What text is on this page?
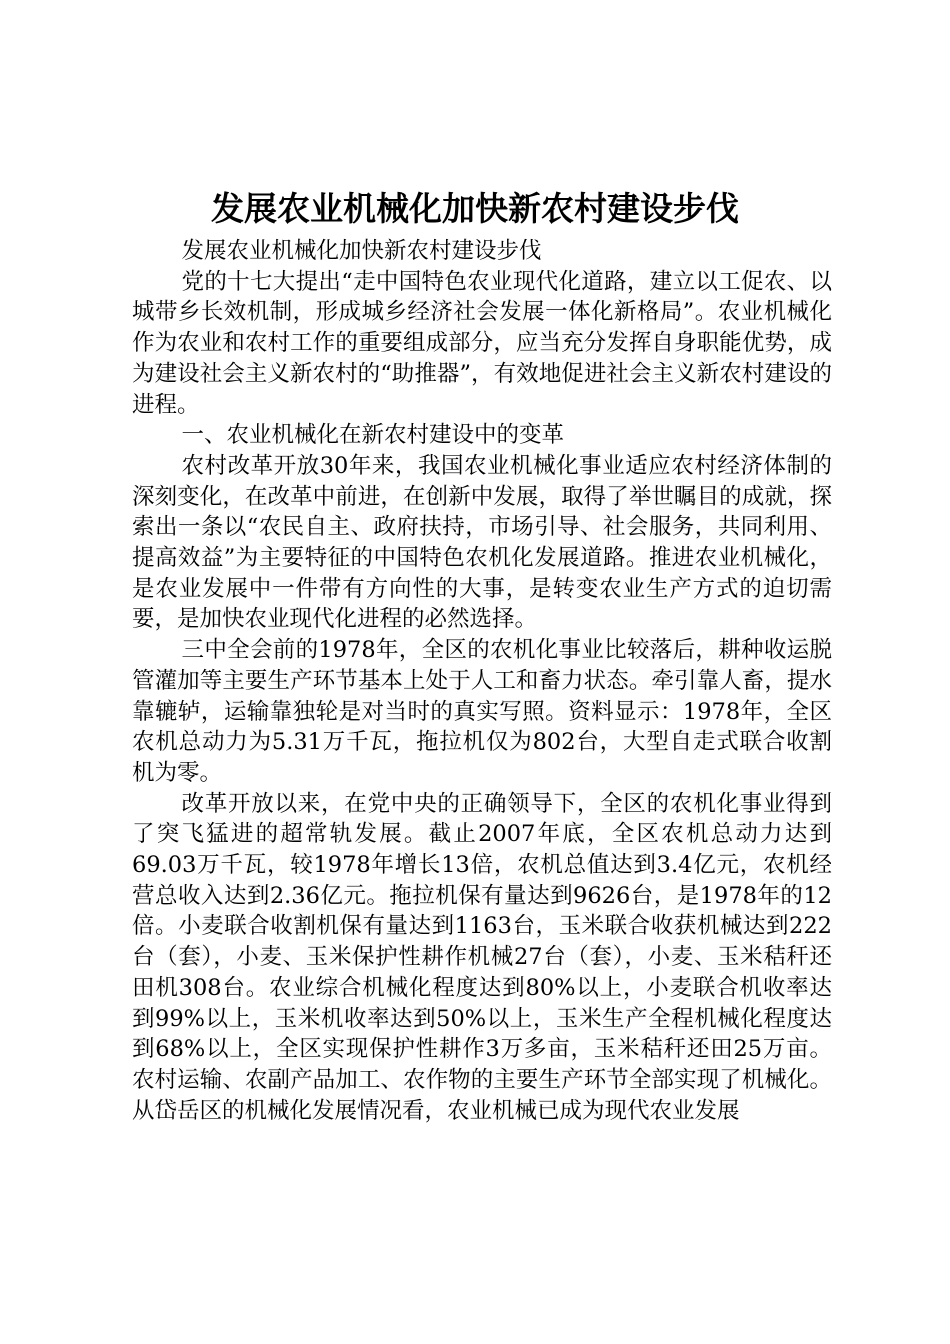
发展农业机械化加快新农村建设步伐

发展农业机械化加快新农村建设步伐

党的十七大提出“走中国特色农业现代化道路，建立以工促农、以城带乡长效机制，形成城乡经济社会发展一体化新格局”。农业机械化作为农业和农村工作的重要组成部分，应当充分发挥自身职能优势，成为建设社会主义新农村的“助推器”，有效地促进社会主义新农村建设的进程。

一、农业机械化在新农村建设中的变革

农村改革开放30年来，我国农业机械化事业适应农村经济体制的深刻变化，在改革中前进，在创新中发展，取得了举世瞩目的成就，探索出一条以“农民自主、政府扶持，市场引导、社会服务，共同利用、提高效益”为主要特征的中国特色农机化发展道路。推进农业机械化，是农业发展中一件带有方向性的大事，是转变农业生产方式的迫切需要，是加快农业现代化进程的必然选择。

三中全会前的1978年，全区的农机化事业比较落后，耕种收运脱管灌加等主要生产环节基本上处于人工和畜力状态。牵引靠人畜，提水靠辘轳，运输靠独轮是对当时的真实写照。资料显示：1978年，全区农机总动力为5.31万千瓦，拖拉机仅为802台，大型自走式联合收割机为零。

改革开放以来，在党中央的正确领导下，全区的农机化事业得到了突飞猛进的超常轨发展。截止2007年底，全区农机总动力达到69.03万千瓦，较1978年增长13倍，农机总值达到3.4亿元，农机经营总收入达到2.36亿元。拖拉机保有量达到9626台，是1978年的12倍。小麦联合收割机保有量达到1163台，玉米联合收获机械达到222台（套），小麦、玉米保护性耕作机械27台（套），小麦、玉米秸秆还田机308台。农业综合机械化程度达到80%以上，小麦联合机收率达到99%以上，玉米机收率达到50%以上，玉米生产全程机械化程度达到68%以上，全区实现保护性耕作3万多亩，玉米秸秆还田25万亩。农村运输、农副产品加工、农作物的主要生产环节全部实现了机械化。从岱岳区的机械化发展情况看，农业机械已成为现代农业发展
